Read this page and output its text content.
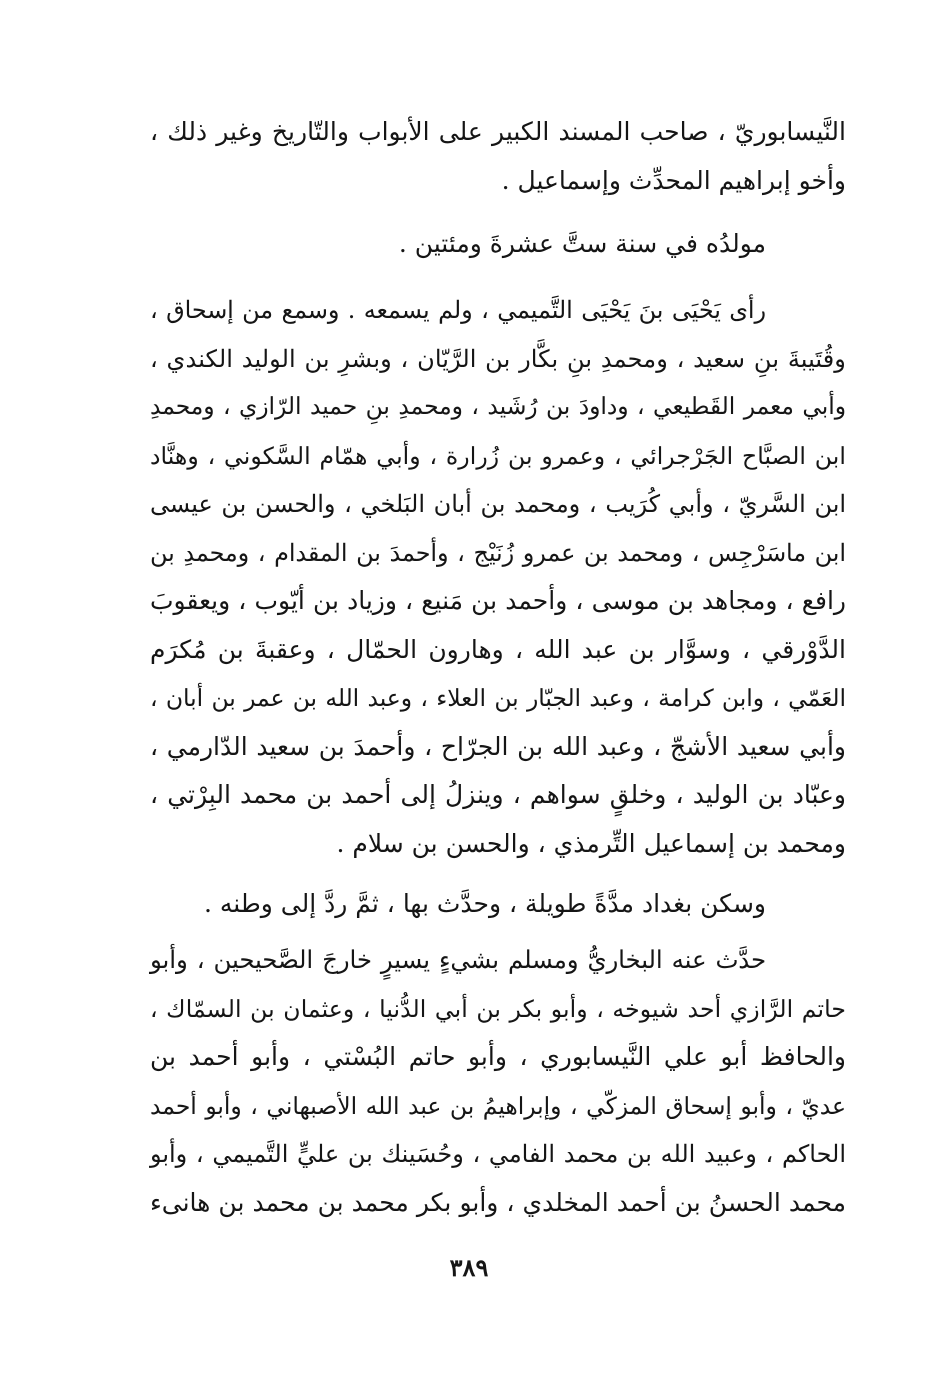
النَّيسابوريّ ، صاحب المسند الكبير على الأبواب والتّاريخ وغير ذلك ،
وأخو إبراهيم المحدِّث وإسماعيل .
مولدُه في سنة ستَّ عشرةَ ومئتين .
رأى يَحْيَى بنَ يَحْيَى التَّميمي ، ولم يسمعه . وسمع من إسحاق ،
وقُتَيبةَ بنِ سعيد ، ومحمدِ بنِ بكَّار بن الرَّيّان ، وبشرِ بن الوليد الكندي ،
وأبي معمر القَطيعي ، وداودَ بن رُشَيد ، ومحمدِ بنِ حميد الرّازي ، ومحمدِ
ابن الصبَّاح الجَرْجرائي ، وعمرو بن زُرارة ، وأبي همّام السَّكوني ، وهنَّاد
ابن السَّريّ ، وأبي كُرَيب ، ومحمد بن أبان البَلخي ، والحسن بن عيسى
ابن ماسَرْجِس ، ومحمد بن عمرو زُنَيْج ، وأحمدَ بن المقدام ، ومحمدِ بن
رافع ، ومجاهد بن موسى ، وأحمد بن مَنيع ، وزياد بن أيّوب ، ويعقوبَ
الدَّوْرقي ، وسوَّار بن عبد الله ، وهارون الحمّال ، وعقبةَ بن مُكرَم
العَمّي ، وابن كرامة ، وعبد الجبّار بن العلاء ، وعبد الله بن عمر بن أبان ،
وأبي سعيد الأشجّ ، وعبد الله بن الجرّاح ، وأحمدَ بن سعيد الدّارمي ،
وعبّاد بن الوليد ، وخلقٍ سواهم ، وينزلُ إلى أحمد بن محمد البِرْتي ،
ومحمد بن إسماعيل التِّرمذي ، والحسن بن سلام .
وسكن بغداد مدَّةً طويلة ، وحدَّث بها ، ثمَّ ردَّ إلى وطنه .
حدَّث عنه البخاريُّ ومسلم بشيءٍ يسيرٍ خارجَ الصَّحيحين ، وأبو
حاتم الرَّازي أحد شيوخه ، وأبو بكر بن أبي الدُّنيا ، وعثمان بن السمّاك ،
والحافظ أبو علي النَّيسابوري ، وأبو حاتم البُسْتي ، وأبو أحمد بن
عديّ ، وأبو إسحاق المزكّي ، وإبراهيمُ بن عبد الله الأصبهاني ، وأبو أحمد
الحاكم ، وعبيد الله بن محمد الفامي ، وحُسَينك بن عليٍّ التَّميمي ، وأبو
محمد الحسنُ بن أحمد المخلدي ، وأبو بكر محمد بن محمد بن هانىء
٣٨٩
